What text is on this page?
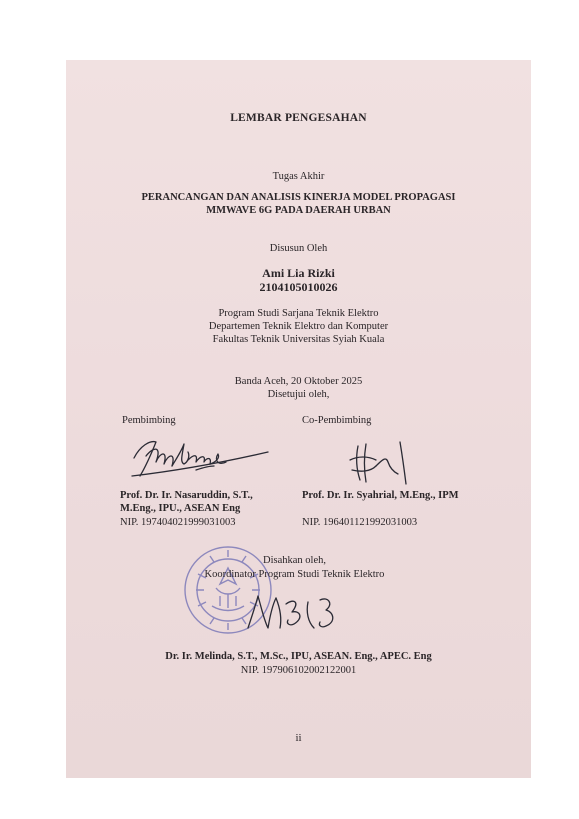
LEMBAR PENGESAHAN
Tugas Akhir
PERANCANGAN DAN ANALISIS KINERJA MODEL PROPAGASI
MMWAVE 6G PADA DAERAH URBAN
Disusun Oleh
Ami Lia Rizki
2104105010026
Program Studi Sarjana Teknik Elektro
Departemen Teknik Elektro dan Komputer
Fakultas Teknik Universitas Syiah Kuala
Banda Aceh, 20 Oktober 2025
Disetujui oleh,
Pembimbing	Co-Pembimbing
Prof. Dr. Ir. Nasaruddin, S.T.,
M.Eng., IPU., ASEAN Eng
NIP. 197404021999031003
Prof. Dr. Ir. Syahrial, M.Eng., IPM
NIP. 196401121992031003
Disahkan oleh,
Koordinator Program Studi Teknik Elektro
Dr. Ir. Melinda, S.T., M.Sc., IPU, ASEAN. Eng., APEC. Eng
NIP. 197906102002122001
ii
